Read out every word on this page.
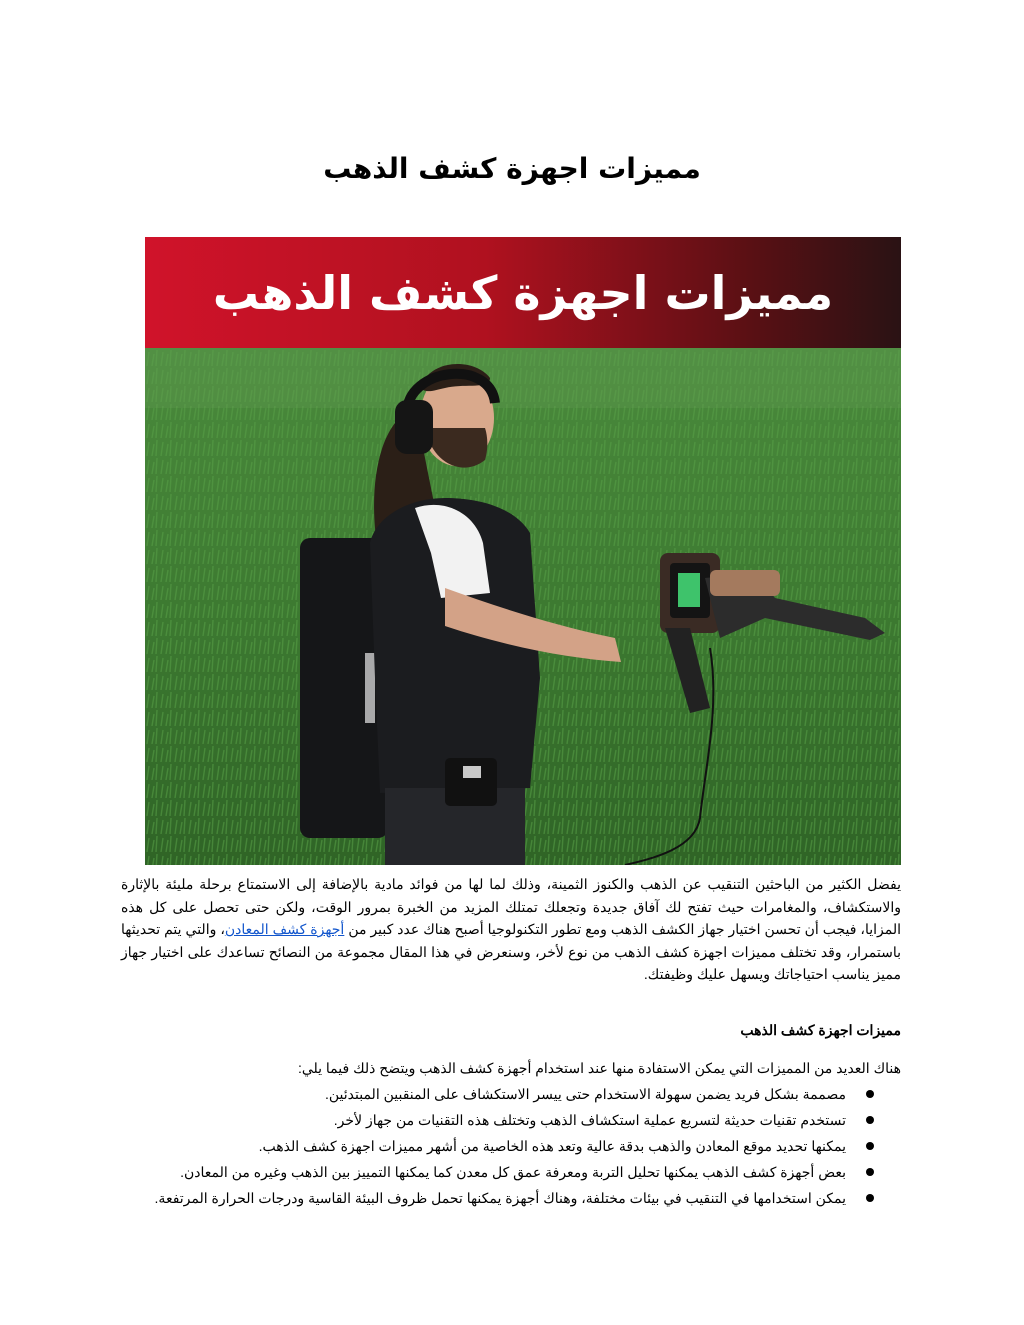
مميزات اجهزة كشف الذهب
مميزات اجهزة كشف الذهب
يفضل الكثير من الباحثين التنقيب عن الذهب والكنوز الثمينة، وذلك لما لها من فوائد مادية بالإضافة إلى الاستمتاع برحلة مليئة بالإثارة والاستكشاف، والمغامرات حيث تفتح لك آفاق جديدة وتجعلك تمتلك المزيد من الخبرة بمرور الوقت، ولكن حتى تحصل على كل هذه المزايا، فيجب أن تحسن اختيار جهاز الكشف الذهب ومع تطور التكنولوجيا أصبح هناك عدد كبير من أجهزة كشف المعادن، والتي يتم تحديثها باستمرار، وقد تختلف مميزات اجهزة كشف الذهب من نوع لأخر، وسنعرض في هذا المقال مجموعة من النصائح تساعدك على اختيار جهاز مميز يناسب احتياجاتك ويسهل عليك وظيفتك.
مميزات اجهزة كشف الذهب

هناك العديد من المميزات التي يمكن الاستفادة منها عند استخدام أجهزة كشف الذهب ويتضح ذلك فيما يلي:

مصممة بشكل فريد يضمن سهولة الاستخدام حتى ييسر الاستكشاف على المنقبين المبتدئين.
تستخدم تقنيات حديثة لتسريع عملية استكشاف الذهب وتختلف هذه التقنيات من جهاز لأخر.
يمكنها تحديد موقع المعادن والذهب بدقة عالية وتعد هذه الخاصية من أشهر مميزات اجهزة كشف الذهب.
بعض أجهزة كشف الذهب يمكنها تحليل التربة ومعرفة عمق كل معدن كما يمكنها التمييز بين الذهب وغيره من المعادن.
يمكن استخدامها في التنقيب في بيئات مختلفة، وهناك أجهزة يمكنها تحمل ظروف البيئة القاسية ودرجات الحرارة المرتفعة.
